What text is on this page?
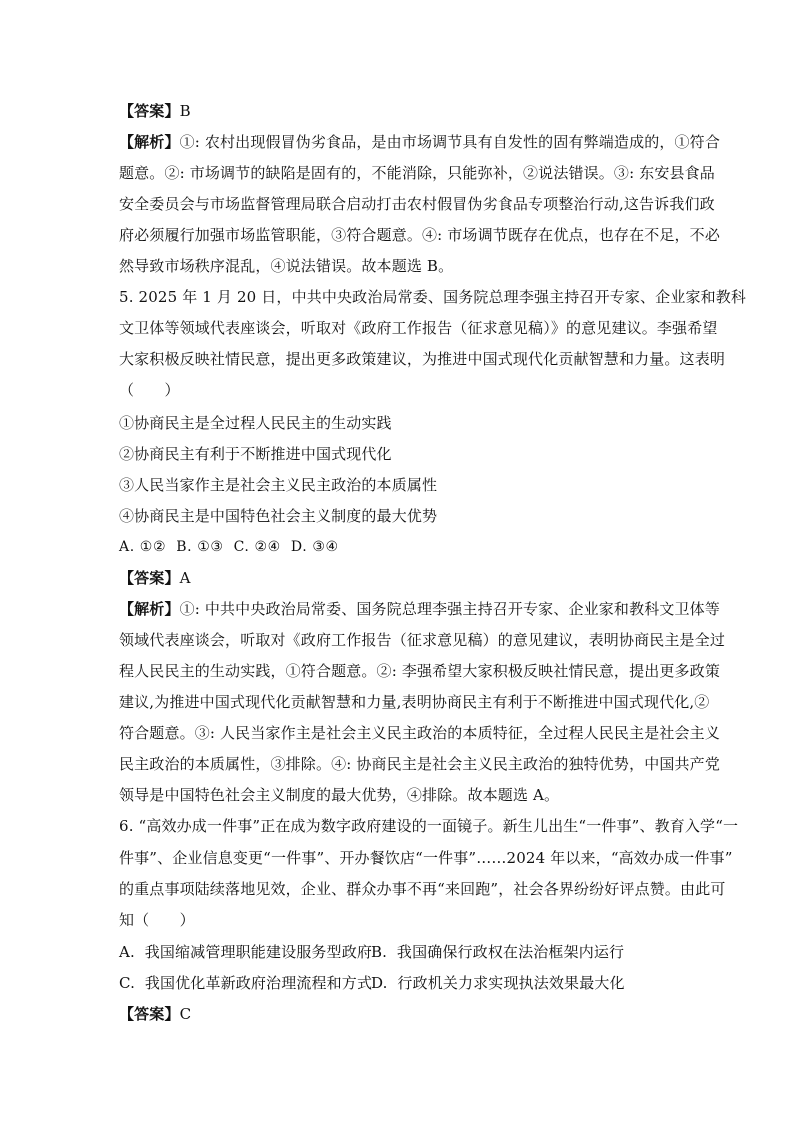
【答案】B
【解析】①: 农村出现假冒伪劣食品，是由市场调节具有自发性的固有弊端造成的，①符合
题意。②: 市场调节的缺陷是固有的，不能消除，只能弥补，②说法错误。③: 东安县食品
安全委员会与市场监督管理局联合启动打击农村假冒伪劣食品专项整治行动,这告诉我们政
府必须履行加强市场监管职能，③符合题意。④: 市场调节既存在优点，也存在不足，不必
然导致市场秩序混乱，④说法错误。故本题选 B。
5. 2025 年 1 月 20 日，中共中央政治局常委、国务院总理李强主持召开专家、企业家和教科
文卫体等领域代表座谈会，听取对《政府工作报告（征求意见稿）》的意见建议。李强希望
大家积极反映社情民意，提出更多政策建议，为推进中国式现代化贡献智慧和力量。这表明
（　　）
①协商民主是全过程人民民主的生动实践
②协商民主有利于不断推进中国式现代化
③人民当家作主是社会主义民主政治的本质属性
④协商民主是中国特色社会主义制度的最大优势
A. ①②  B. ①③  C. ②④  D. ③④
【答案】A
【解析】①: 中共中央政治局常委、国务院总理李强主持召开专家、企业家和教科文卫体等
领域代表座谈会，听取对《政府工作报告（征求意见稿）的意见建议，表明协商民主是全过
程人民民主的生动实践，①符合题意。②: 李强希望大家积极反映社情民意，提出更多政策
建议,为推进中国式现代化贡献智慧和力量,表明协商民主有利于不断推进中国式现代化,②
符合题意。③: 人民当家作主是社会主义民主政治的本质特征，全过程人民民主是社会主义
民主政治的本质属性，③排除。④: 协商民主是社会主义民主政治的独特优势，中国共产党
领导是中国特色社会主义制度的最大优势，④排除。故本题选 A。
6. “高效办成一件事”正在成为数字政府建设的一面镜子。新生儿出生“一件事”、教育入学“一
件事”、企业信息变更“一件事”、开办餐饮店“一件事”……2024 年以来，“高效办成一件事”
的重点事项陆续落地见效，企业、群众办事不再“来回跑”，社会各界纷纷好评点赞。由此可
知（　　）
A.  我国缩减管理职能建设服务型政府 B.  我国确保行政权在法治框架内运行
C.  我国优化革新政府治理流程和方式
D.  行政机关力求实现执法效果最大化
【答案】C
